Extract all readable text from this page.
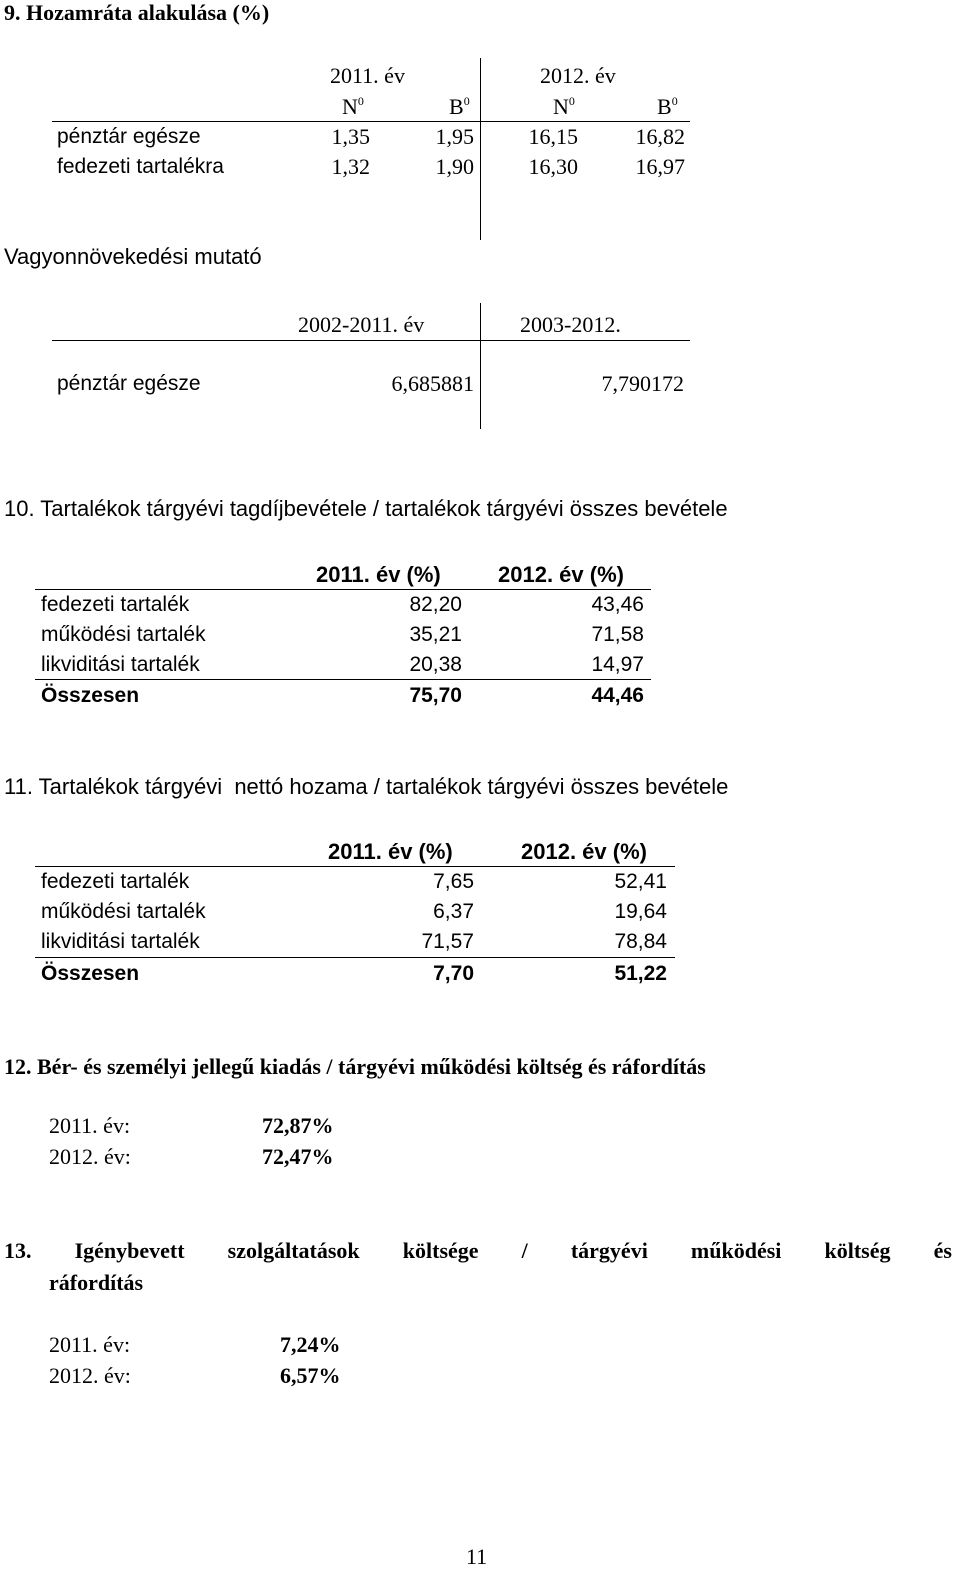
9. Hozamráta alakulása (%)
2011. év	2012. év
$N^0$	$B^0$	$N^0$	$B^0$
pénztár egésze	1,35	1,95	16,15	16,82
fedezeti tartalékra	1,32	1,90	16,30	16,97
Vagyonnövekedési mutató
2002-2011. év	2003-2012.
pénztár egésze	6,685881	7,790172
10. Tartalékok tárgyévi tagdíjbevétele / tartalékok tárgyévi összes bevétele
2011. év (%)	2012. év (%)
fedezeti tartalék	82,20	43,46
működési tartalék	35,21	71,58
likviditási tartalék	20,38	14,97
Összesen	75,70	44,46
11. Tartalékok tárgyévi nettó hozama / tartalékok tárgyévi összes bevétele
2011. év (%)	2012. év (%)
fedezeti tartalék	7,65	52,41
működési tartalék	6,37	19,64
likviditási tartalék	71,57	78,84
Összesen	7,70	51,22
12. Bér- és személyi jellegű kiadás / tárgyévi működési költség és ráfordítás
2011. év:	72,87%
2012. év:	72,47%
13. Igénybevett szolgáltatások költsége / tárgyévi működési költség és
ráfordítás
2011. év:	7,24%
2012. év:	6,57%
11
